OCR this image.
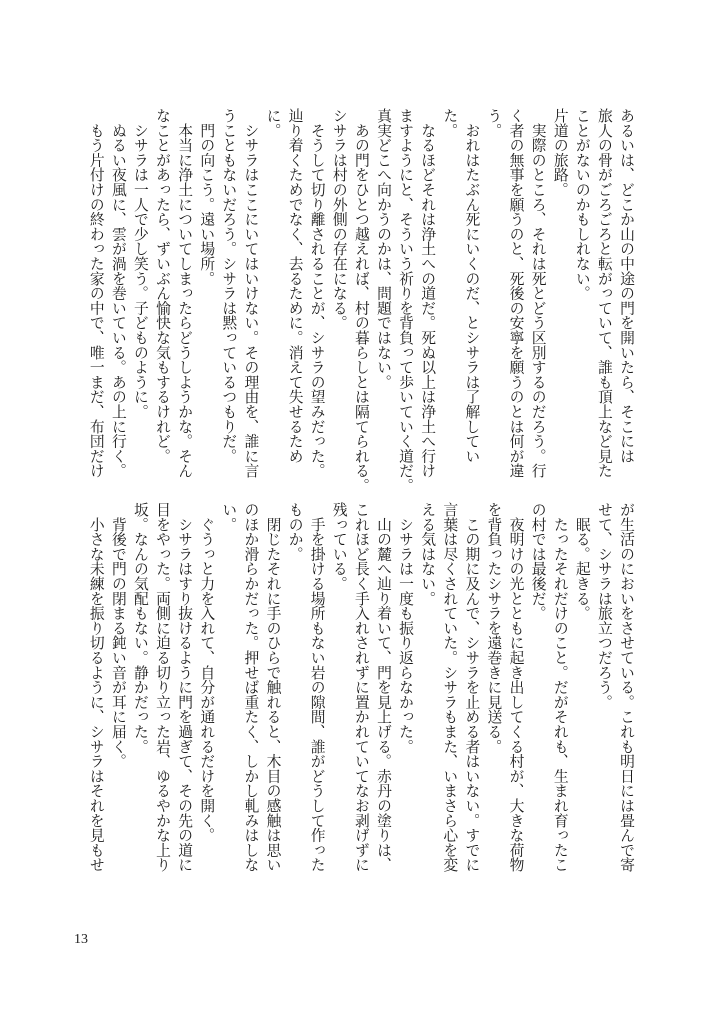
あるいは、どこか山の中途の門を開いたら、そこには
旅人の骨がごろごろと転がっていて、誰も頂上など見た
ことがないのかもしれない。
片道の旅路。
　実際のところ、それは死とどう区別するのだろう。行
く者の無事を願うのと、死後の安寧を願うのとは何が違
う。
　おれはたぶん死にいくのだ、とシサラは了解してい
た。
　なるほどそれは浄土への道だ。死ぬ以上は浄土へ行け
ますようにと、そういう祈りを背負って歩いていく道だ。
真実どこへ向かうのかは、問題ではない。
　あの門をひとつ越えれば、村の暮らしとは隔てられる。
シサラは村の外側の存在になる。
　そうして切り離されることが、シサラの望みだった。
辿り着くためでなく、去るために。消えて失せるため
に。
　シサラはここにいてはいけない。その理由を、誰に言
うこともないだろう。シサラは黙っているつもりだ。
　門の向こう。遠い場所。
　本当に浄土についてしまったらどうしようかな。そん
なことがあったら、ずいぶん愉快な気もするけれど。
　シサラは一人で少し笑う。子どものように。
　ぬるい夜風に、雲が渦を巻いている。あの上に行く。
　もう片付けの終わった家の中で、唯一まだ、布団だけ
が生活のにおいをさせている。これも明日には畳んで寄
せて、シサラは旅立つだろう。
　眠る。起きる。
　たったそれだけのこと。だがそれも、生まれ育ったこ
の村では最後だ。
　夜明けの光とともに起き出してくる村が、大きな荷物
を背負ったシサラを遠巻きに見送る。
　この期に及んで、シサラを止める者はいない。すでに
言葉は尽くされていた。シサラもまた、いまさら心を変
える気はない。
　シサラは一度も振り返らなかった。
　山の麓へ辿り着いて、門を見上げる。赤丹の塗りは、
これほど長く手入れされずに置かれていてなお剥げずに
残っている。
　手を掛ける場所もない岩の隙間、誰がどうして作った
ものか。
　閉じたそれに手のひらで触れると、木目の感触は思い
のほか滑らかだった。押せば重たく、しかし軋みはしな
い。
　ぐうっと力を入れて、自分が通れるだけを開く。
　シサラはすり抜けるように門を過ぎて、その先の道に
目をやった。両側に迫る切り立った岩、ゆるやかな上り
坂。なんの気配もない。静かだった。
　背後で門の閉まる鈍い音が耳に届く。
　小さな未練を振り切るように、シサラはそれを見もせ
13
